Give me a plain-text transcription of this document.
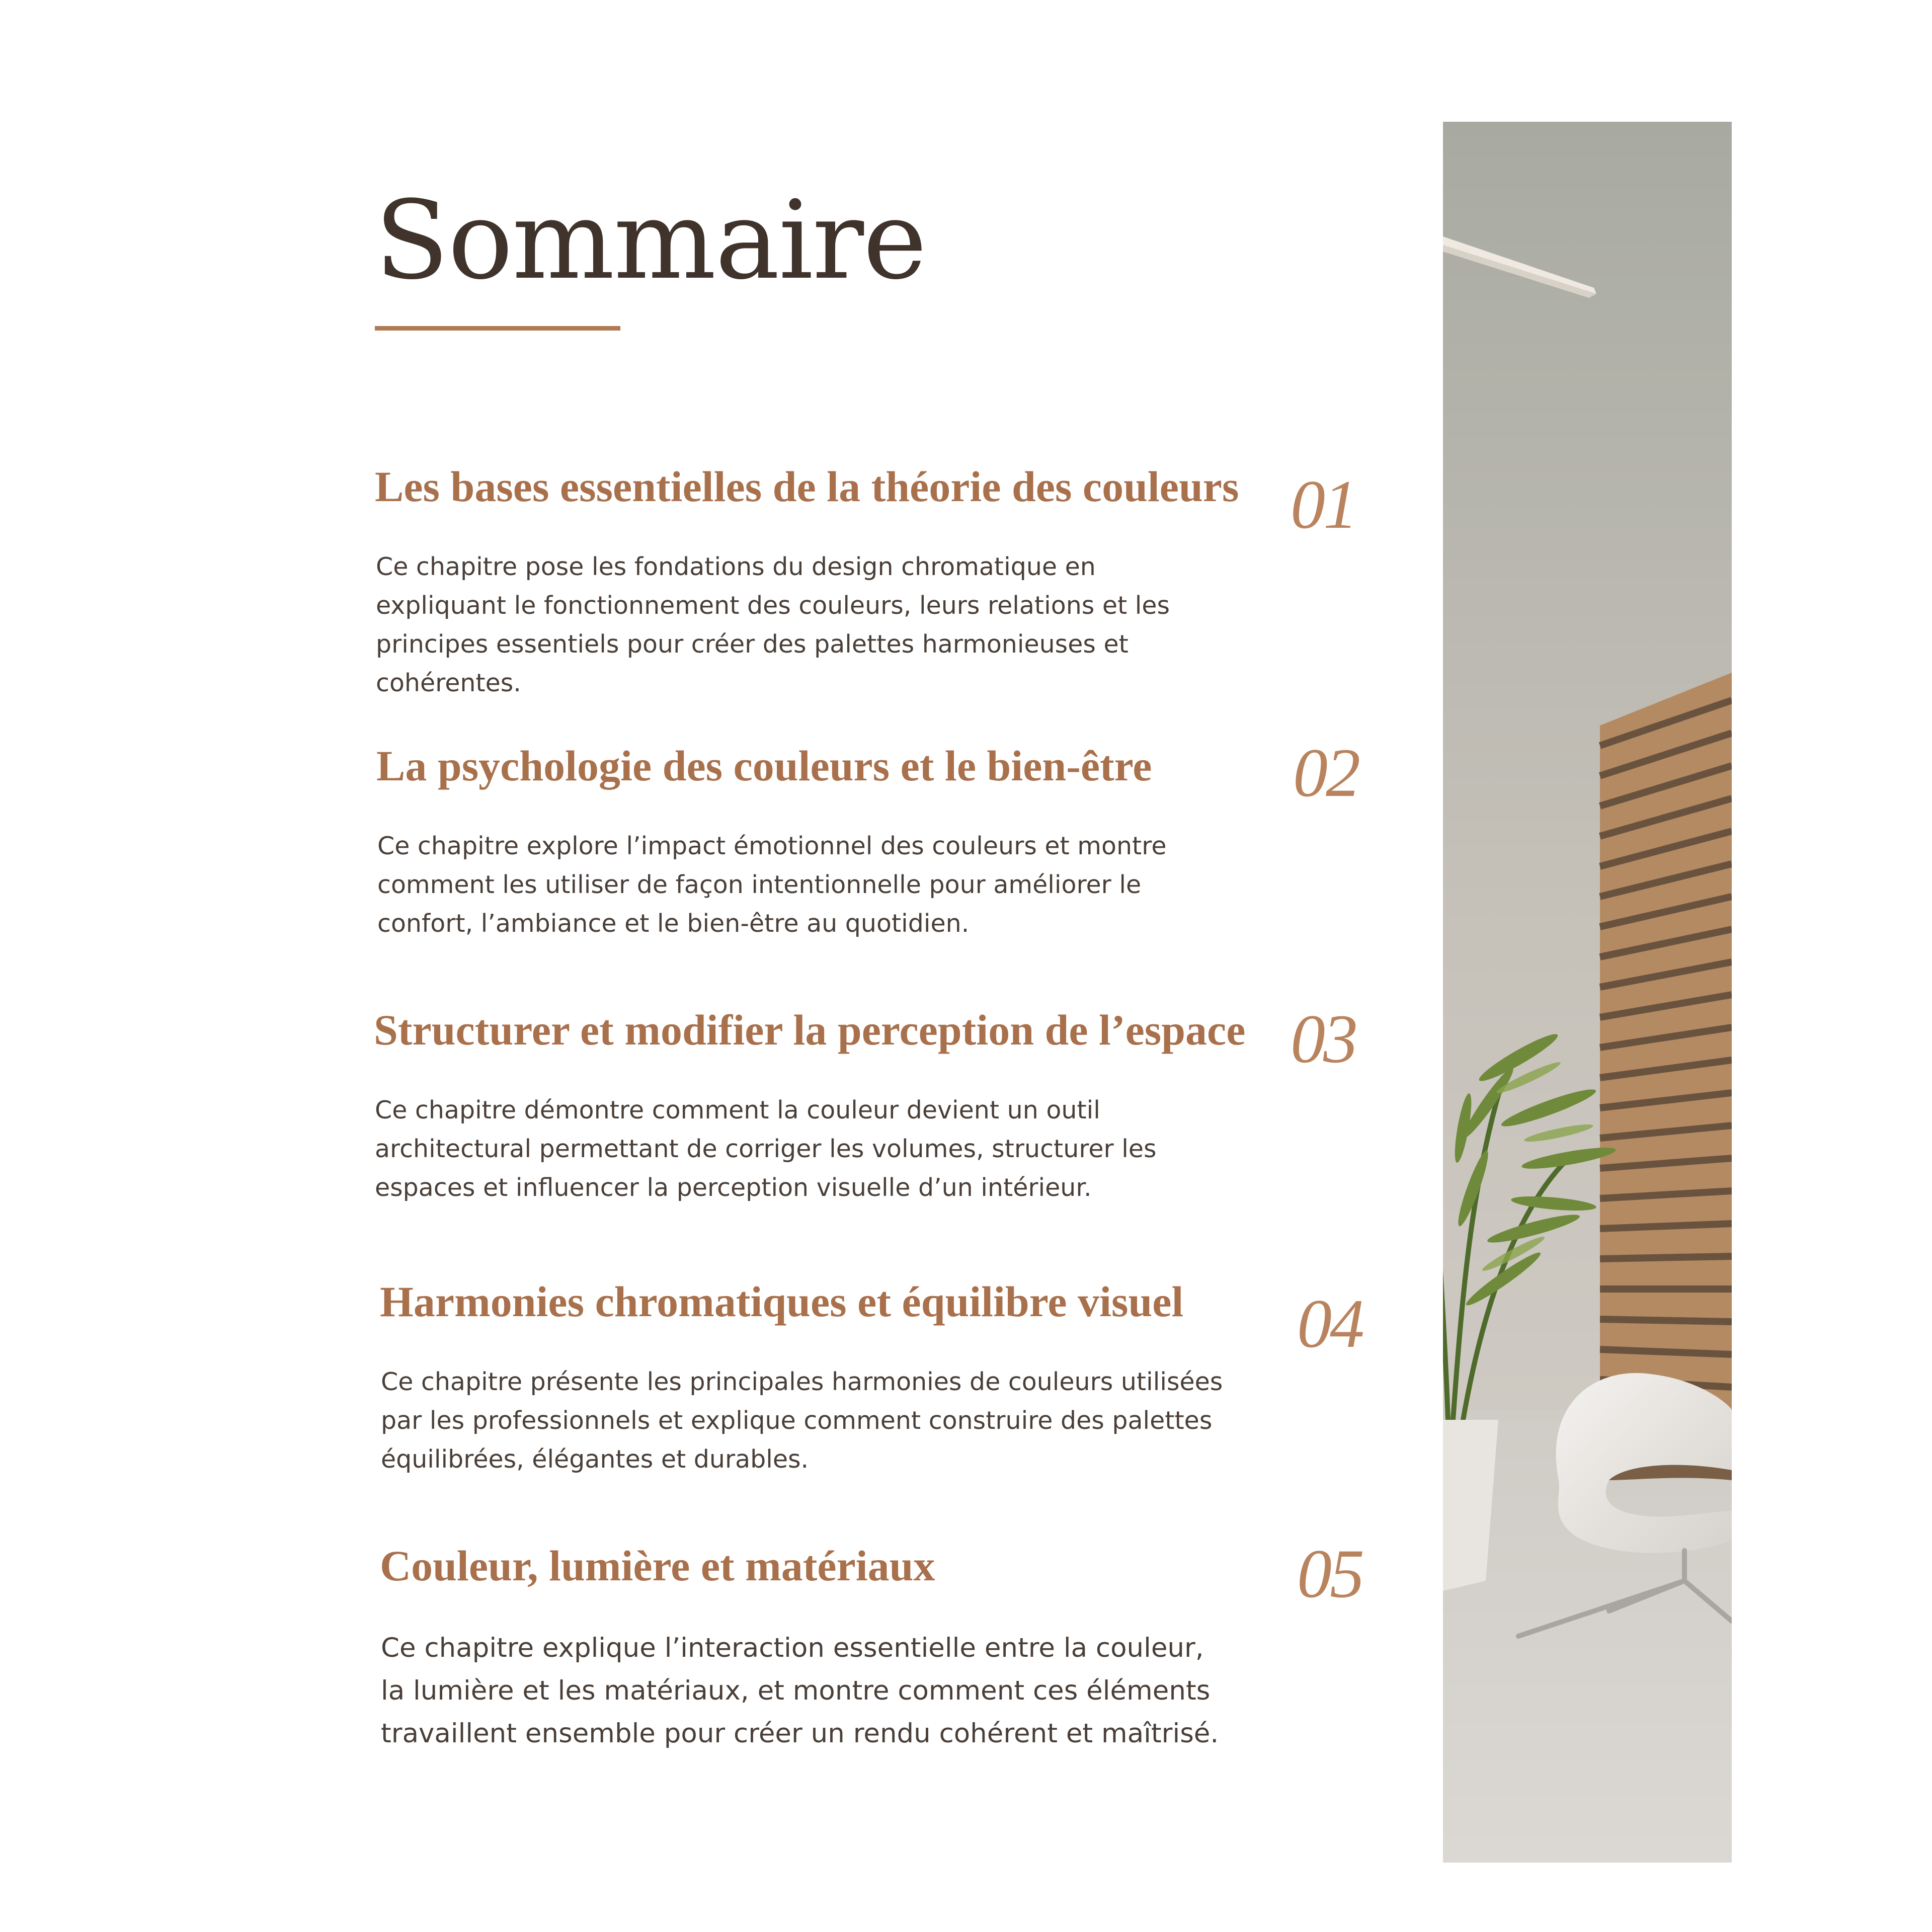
Sommaire
Les bases essentielles de la théorie des couleurs 01

Ce chapitre pose les fondations du design chromatique en expliquant le fonctionnement des couleurs, leurs relations et les principes essentiels pour créer des palettes harmonieuses et cohérentes.

La psychologie des couleurs et le bien-être 02

Ce chapitre explore l’impact émotionnel des couleurs et montre comment les utiliser de façon intentionnelle pour améliorer le confort, l’ambiance et le bien-être au quotidien.

Structurer et modifier la perception de l’espace 03

Ce chapitre démontre comment la couleur devient un outil architectural permettant de corriger les volumes, structurer les espaces et influencer la perception visuelle d’un intérieur.

Harmonies chromatiques et équilibre visuel 04

Ce chapitre présente les principales harmonies de couleurs utilisées par les professionnels et explique comment construire des palettes équilibrées, élégantes et durables.

Couleur, lumière et matériaux	05

Ce chapitre explique l’interaction essentielle entre la couleur, la lumière et les matériaux, et montre comment ces éléments travaillent ensemble pour créer un rendu cohérent et maîtrisé.
